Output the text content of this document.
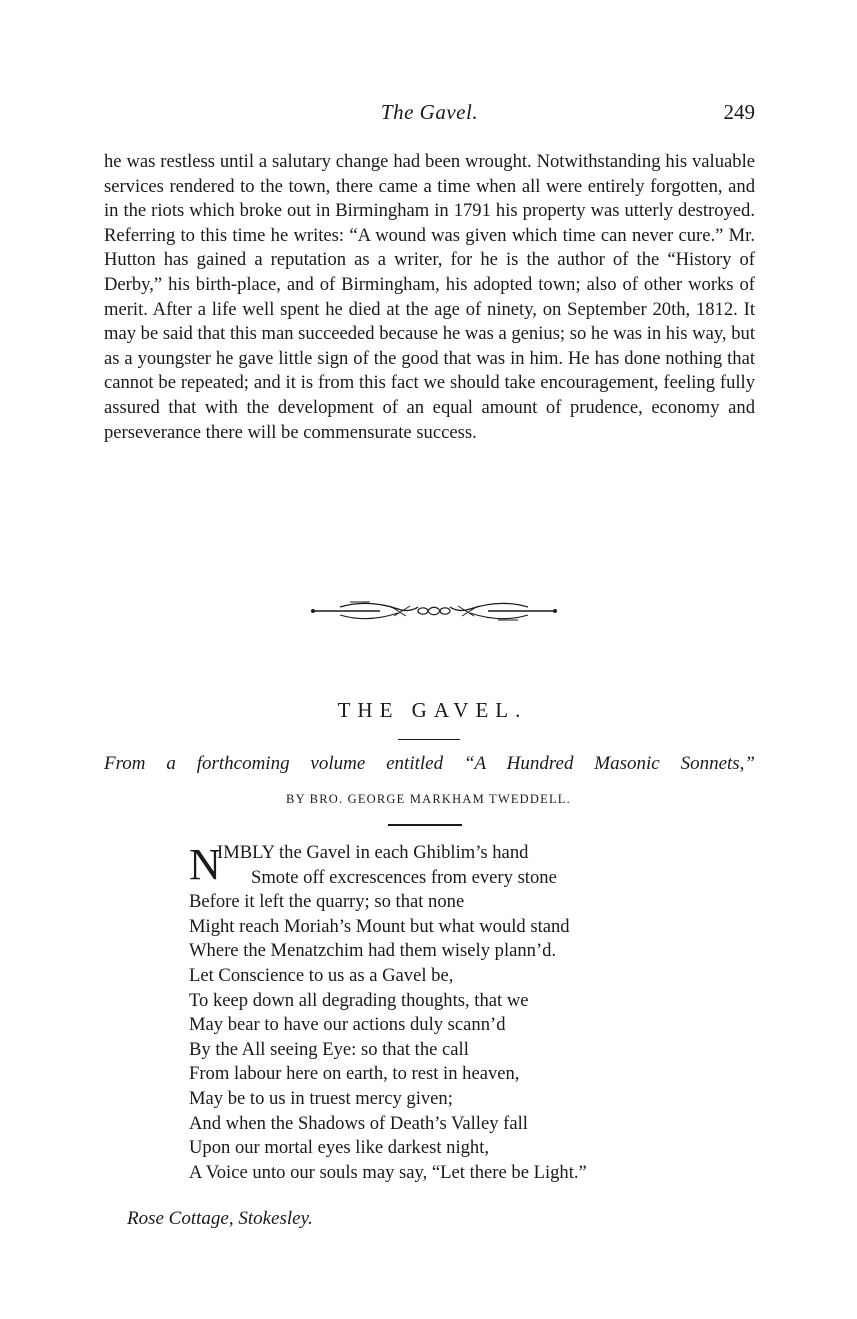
The Gavel.	249

he was restless until a salutary change had been wrought. Notwithstanding his valuable services rendered to the town, there came a time when all were entirely forgotten, and in the riots which broke out in Birmingham in 1791 his property was utterly destroyed. Referring to this time he writes: “A wound was given which time can never cure.” Mr. Hutton has gained a reputation as a writer, for he is the author of the “History of Derby,” his birth-place, and of Birmingham, his adopted town; also of other works of merit. After a life well spent he died at the age of ninety, on September 20th, 1812. It may be said that this man succeeded because he was a genius; so he was in his way, but as a youngster he gave little sign of the good that was in him. He has done nothing that cannot be repeated; and it is from this fact we should take encouragement, feeling fully assured that with the development of an equal amount of prudence, economy and perseverance there will be commensurate success.

THE GAVEL.
From a forthcoming volume entitled “A Hundred Masonic Sonnets,”
BY BRO. GEORGE MARKHAM TWEDDELL.
N
IMBLY the Gavel in each Ghiblim’s hand
Smote off excrescences from every stone
Before it left the quarry; so that none
Might reach Moriah’s Mount but what would stand
Where the Menatzchim had them wisely plann’d.
Let Conscience to us as a Gavel be,
To keep down all degrading thoughts, that we
May bear to have our actions duly scann’d
By the All seeing Eye: so that the call
From labour here on earth, to rest in heaven,
May be to us in truest mercy given;
And when the Shadows of Death’s Valley fall
Upon our mortal eyes like darkest night,
A Voice unto our souls may say, “Let there be Light.”
Rose Cottage, Stokesley.
